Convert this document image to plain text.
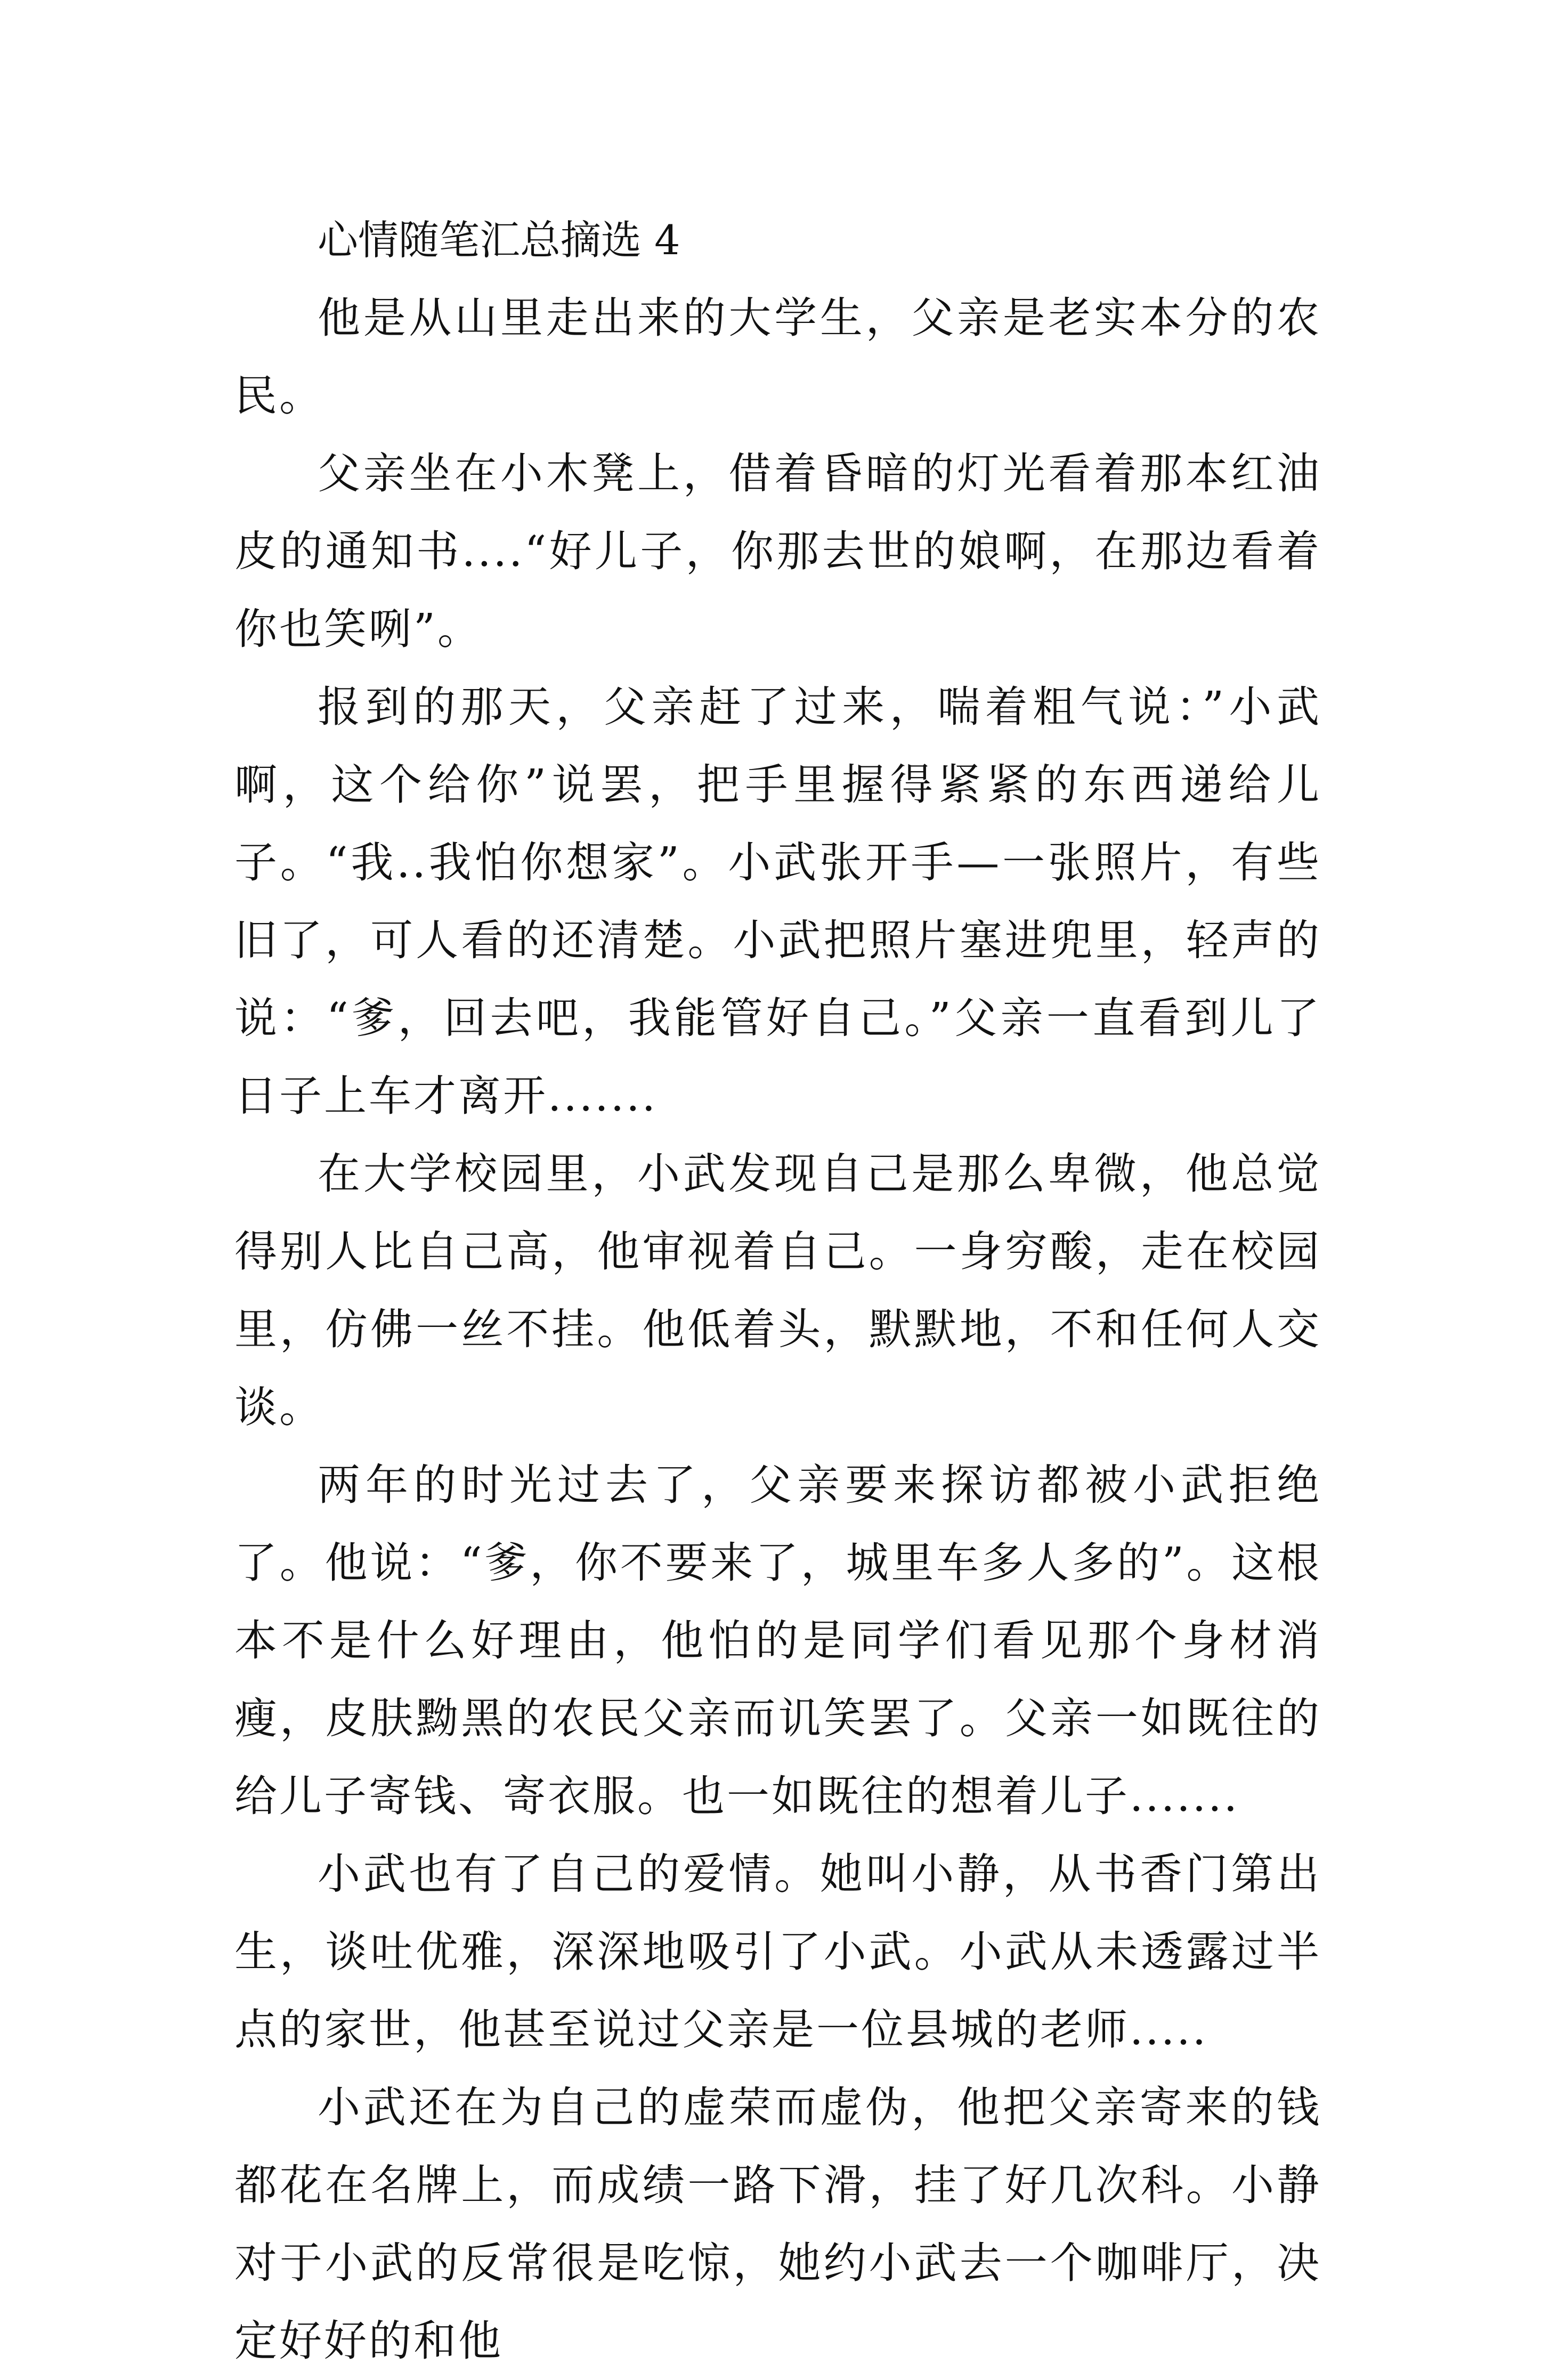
心情随笔汇总摘选 4

他是从山里走出来的大学生，父亲是老实本分的农民。

父亲坐在小木凳上，借着昏暗的灯光看着那本红油皮的通知书....“好儿子，你那去世的娘啊，在那边看着你也笑咧”。

报到的那天，父亲赶了过来，喘着粗气说：”小武啊，这个给你”说罢，把手里握得紧紧的东西递给儿子。“我..我怕你想家”。小武张开手—一张照片，有些旧了，可人看的还清楚。小武把照片塞进兜里，轻声的说：“爹，回去吧，我能管好自己。”父亲一直看到儿了日子上车才离开.......

在大学校园里，小武发现自己是那么卑微，他总觉得别人比自己高，他审视着自己。一身穷酸，走在校园里，仿佛一丝不挂。他低着头，默默地，不和任何人交谈。

两年的时光过去了，父亲要来探访都被小武拒绝了。他说：“爹，你不要来了，城里车多人多的”。这根本不是什么好理由，他怕的是同学们看见那个身材消瘦，皮肤黝黑的农民父亲而讥笑罢了。父亲一如既往的给儿子寄钱、寄衣服。也一如既往的想着儿子.......

小武也有了自己的爱情。她叫小静，从书香门第出生，谈吐优雅，深深地吸引了小武。小武从未透露过半点的家世，他甚至说过父亲是一位县城的老师.....

小武还在为自己的虚荣而虚伪，他把父亲寄来的钱都花在名牌上，而成绩一路下滑，挂了好几次科。小静对于小武的反常很是吃惊，她约小武去一个咖啡厅，决定好好的和他
